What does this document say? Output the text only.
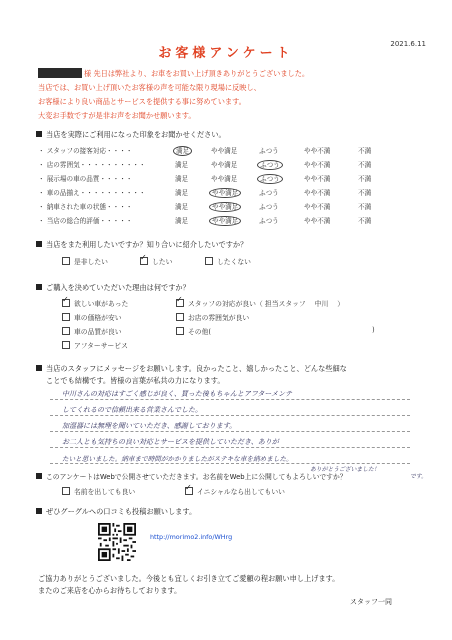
2021.6.11
お客様アンケート
様 先日は弊社より、お車をお買い上げ頂きありがとうございました。
当店では、お買い上げ頂いたお客様の声を可能な限り現場に反映し、
お客様により良い商品とサービスを提供する事に努めています。
大変お手数ですが是非お声をお聞かせ願います。
当店を実際にご利用になった印象をお聞かせください。
・ スタッフの接客対応・・・・	満足	やや満足	ふつう	やや不満	不満
・ 店の雰囲気・・・・・・・・・・	満足	やや満足	ふつう	やや不満	不満
・ 展示場の車の品質・・・・・	満足	やや満足	ふつう	やや不満	不満
・ 車の品揃え・・・・・・・・・・	満足	やや満足	ふつう	やや不満	不満
・ 納車された車の状態・・・・	満足	やや満足	ふつう	やや不満	不満
・ 当店の総合的評価・・・・・	満足	やや満足	ふつう	やや不満	不満
当店をまた利用したいですか？知り合いに紹介したいですか？
是非したい ✓	したい	したくない
ご購入を決めていただいた理由は何ですか？
✓欲しい車があった ✓	スタッフの対応が良い（ 担当スタッフ　 中川　 ）
車の価格が安い	お店の雰囲気が良い
車の品質が良い	その他(	)
アフターサービス
当店のスタッフにメッセージをお願いします。良かったこと、嬉しかったこと、どんな些細な
ことでも結構です。皆様の言葉が私共の力になります。
中川さんの対応はすごく感じが良く、買った後もちゃんとアフターメンテ
してくれるので信頼出来る営業さんでした。
加湿器には無理を聞いていただき、感謝しております。
お二人とも気持ちの良い対応とサービスを提供していただき、ありが
たいと思いました。納車まで時間がかかりましたがステキな車を納めました。
ありがとうございました！
このアンケートはWebで公開させていただきます。お名前をWeb上に公開してもよろしいですか？	です。
名前を出しても良い ✓	イニシャルなら出してもいい
ぜひグーグルへの口コミも投稿お願いします。
http://morimo2.info/WHrg
ご協力ありがとうございました。今後とも宜しくお引き立てご愛顧の程お願い申し上げます。
またのご来店を心からお待ちしております。
スタッフ一同
